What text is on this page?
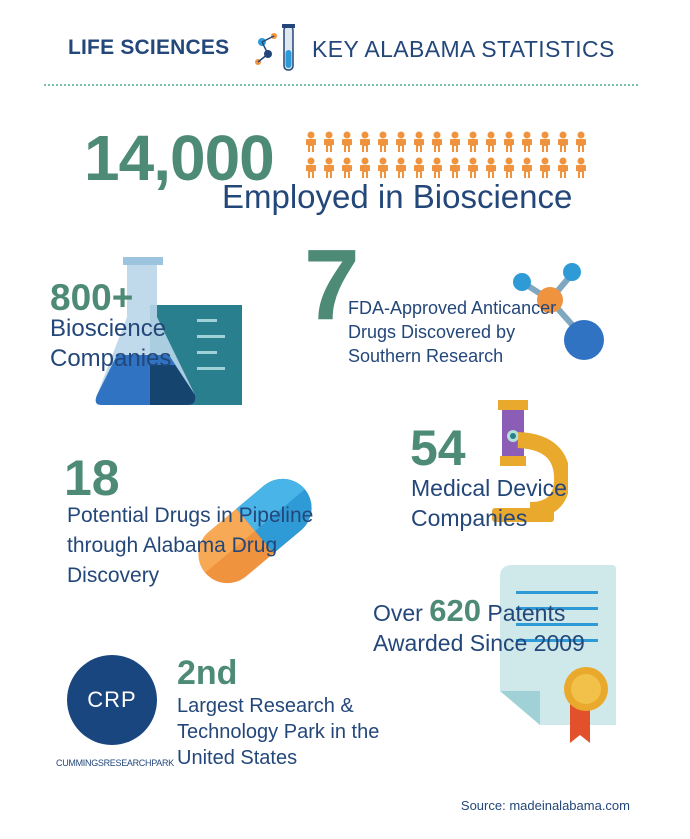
LIFE SCIENCES	KEY ALABAMA STATISTICS
14,000
Employed in Bioscience
800+
Bioscience
Companies
7
FDA-Approved Anticancer
Drugs Discovered by
Southern Research
54
Medical Device
Companies
18
Potential Drugs in Pipeline
through Alabama Drug
Discovery
Over 620 Patents
Awarded Since 2009
CRP
CUMMINGSRESEARCHPARK
2nd
Largest Research &
Technology Park in the
United States
Source: madeinalabama.com
